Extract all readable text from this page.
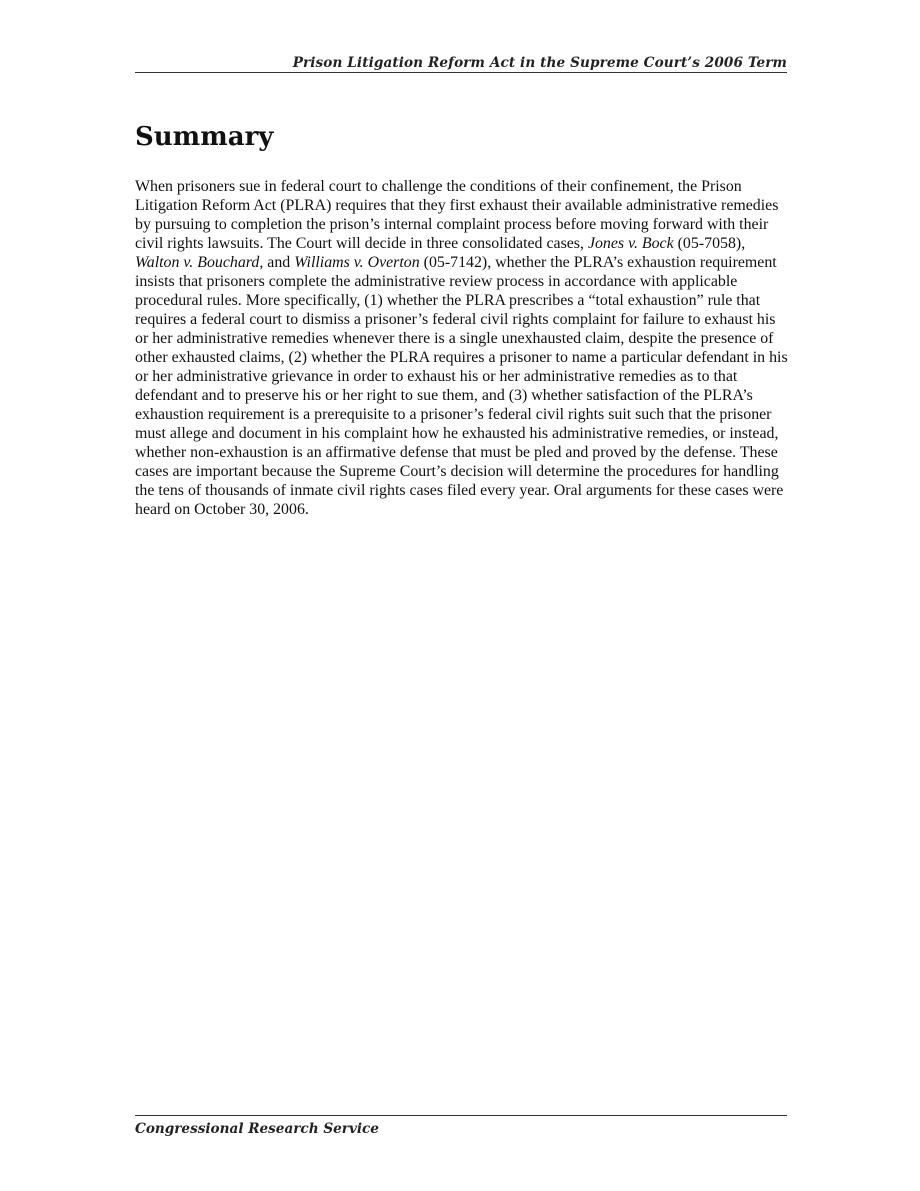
Prison Litigation Reform Act in the Supreme Court’s 2006 Term
Summary

When prisoners sue in federal court to challenge the conditions of their confinement, the Prison Litigation Reform Act (PLRA) requires that they first exhaust their available administrative remedies by pursuing to completion the prison’s internal complaint process before moving forward with their civil rights lawsuits. The Court will decide in three consolidated cases, Jones v. Bock (05-7058), Walton v. Bouchard, and Williams v. Overton (05-7142), whether the PLRA’s exhaustion requirement insists that prisoners complete the administrative review process in accordance with applicable procedural rules. More specifically, (1) whether the PLRA prescribes a “total exhaustion” rule that requires a federal court to dismiss a prisoner’s federal civil rights complaint for failure to exhaust his or her administrative remedies whenever there is a single unexhausted claim, despite the presence of other exhausted claims, (2) whether the PLRA requires a prisoner to name a particular defendant in his or her administrative grievance in order to exhaust his or her administrative remedies as to that defendant and to preserve his or her right to sue them, and (3) whether satisfaction of the PLRA’s exhaustion requirement is a prerequisite to a prisoner’s federal civil rights suit such that the prisoner must allege and document in his complaint how he exhausted his administrative remedies, or instead, whether non-exhaustion is an affirmative defense that must be pled and proved by the defense. These cases are important because the Supreme Court’s decision will determine the procedures for handling the tens of thousands of inmate civil rights cases filed every year. Oral arguments for these cases were heard on October 30, 2006.

Congressional Research Service
